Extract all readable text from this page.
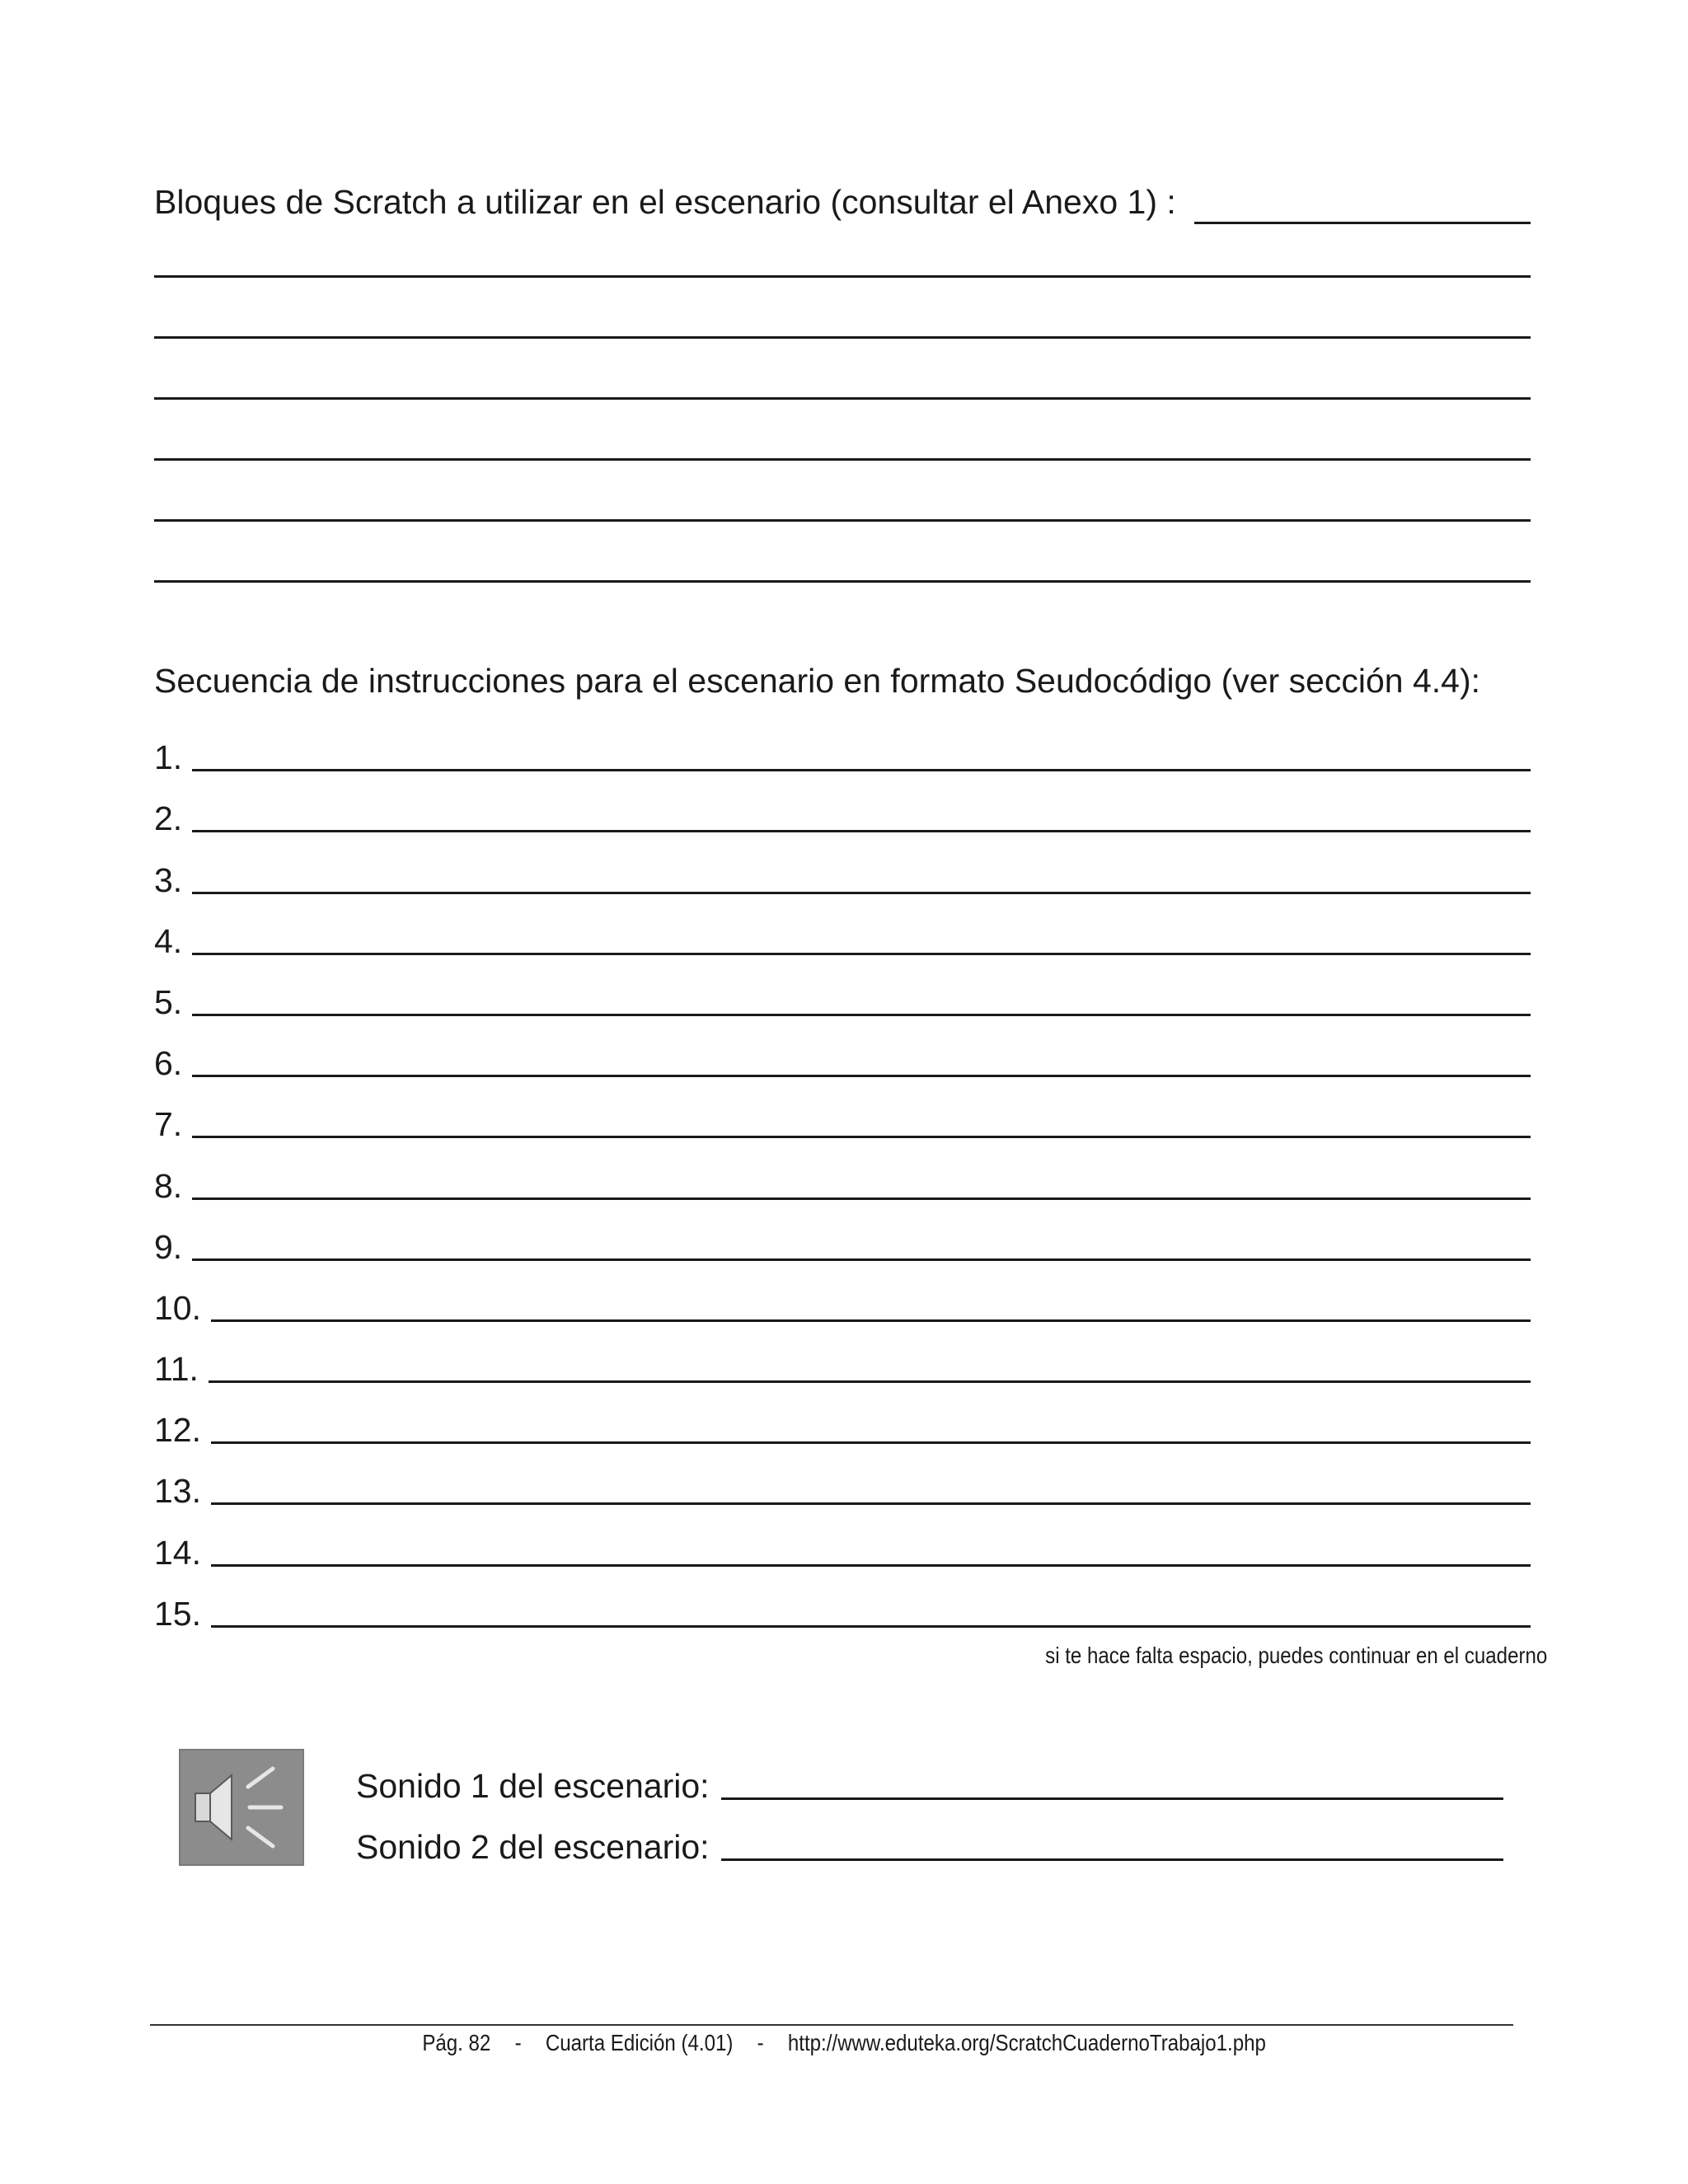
Bloques de Scratch a utilizar en el escenario (consultar el Anexo 1) :
Secuencia de instrucciones para el escenario en formato Seudocódigo (ver sección 4.4):
1.
2.
3.
4.
5.
6.
7.
8.
9.
10.
11.
12.
13.
14.
15.
si te hace falta espacio, puedes continuar en el cuaderno
Sonido 1 del escenario:
Sonido 2 del escenario:
Pág. 82	-	Cuarta Edición (4.01)	-	http://www.eduteka.org/ScratchCuadernoTrabajo1.php
